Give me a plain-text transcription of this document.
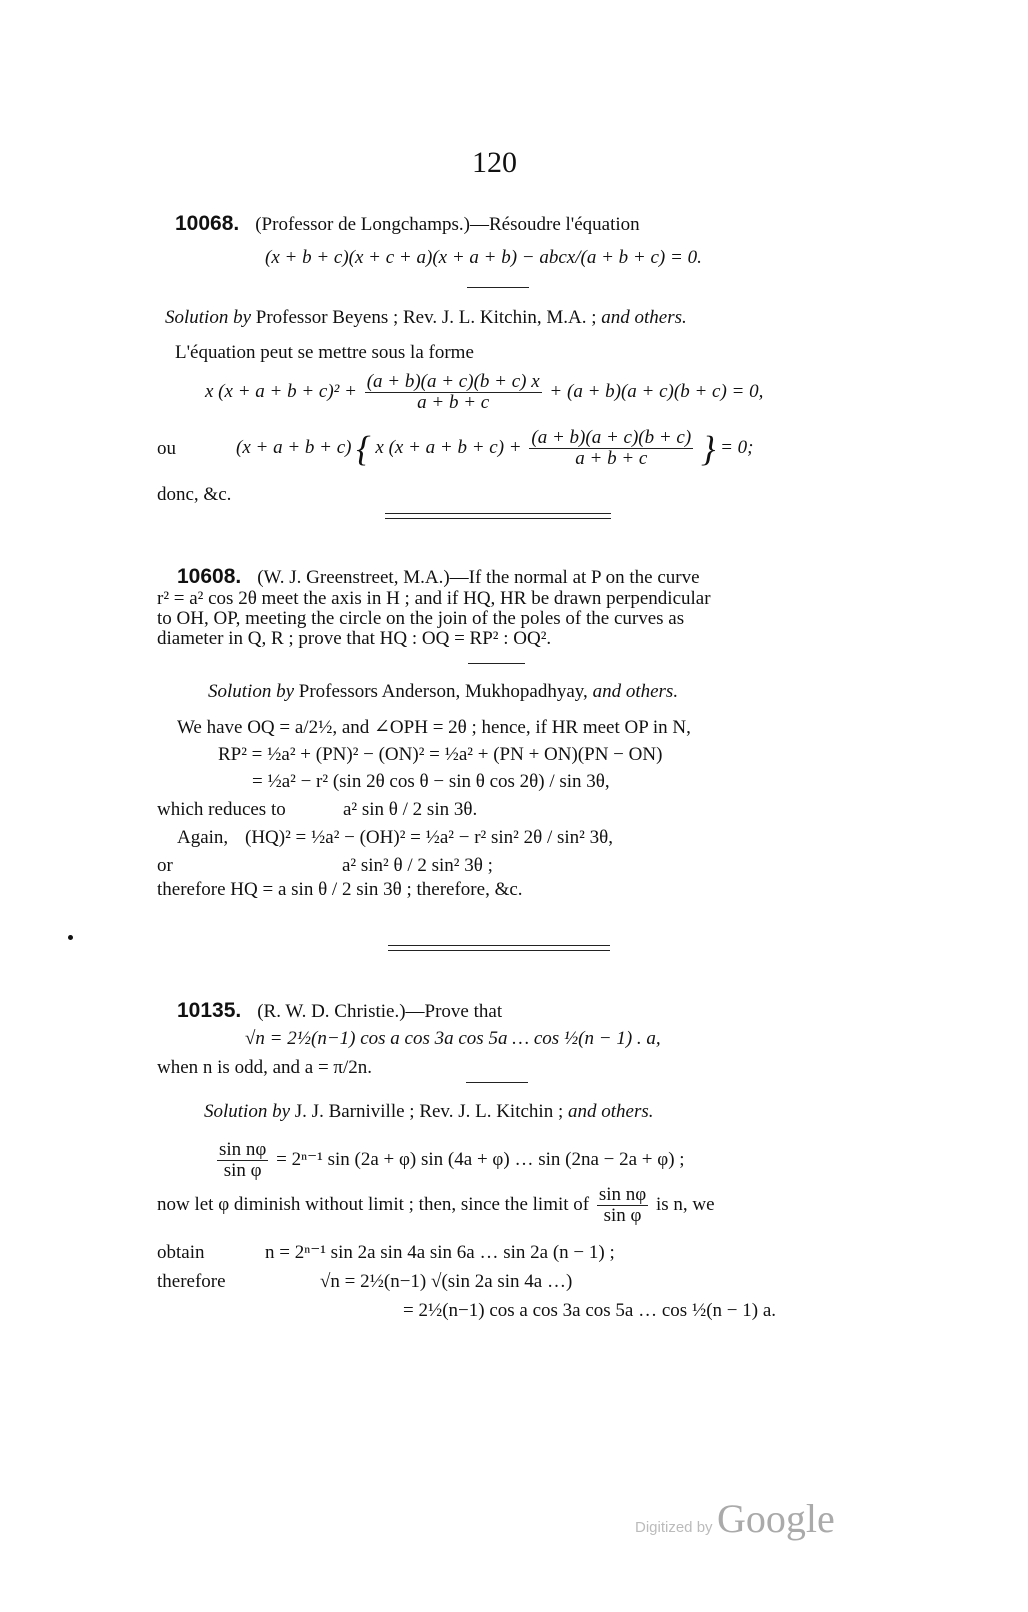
120
10068. (Professor de Longchamps.)—Résoudre l'équation
(x + b + c)(x + c + a)(x + a + b) − abcx/(a + b + c) = 0.
Solution by Professor Beyens ; Rev. J. L. Kitchin, M.A. ; and others.
L'équation peut se mettre sous la forme
x $(x + a + b + c)^2 + \frac{(a + b)(a + c)(b + c) x}{a + b + c} + (a + b)(a + c)(b + c) = 0$,
ou	(x + a + b + c) { x $(x + a + b + c) + \frac{(a + b)(a + c)(b + c)}{a + b + c}$ } = 0;
donc, &c.
10608. (W. J. Greenstreet, M.A.)—If the normal at P on the curve
r² = a² cos 2θ meet the axis in H ; and if HQ, HR be drawn perpendicular
to OH, OP, meeting the circle on the join of the poles of the curves as
diameter in Q, R ; prove that HQ : OQ = RP² : OQ².
Solution by Professors Anderson, Mukhopadhyay, and others.
We have OQ = a/2½, and ∠OPH = 2θ ; hence, if HR meet OP in N,
RP² = ½a² + (PN)² − (ON)² = ½a² + (PN + ON)(PN − ON)
= ½a² − r² (sin 2θ cos θ − sin θ cos 2θ) / sin 3θ,
which reduces to	a² sin θ / 2 sin 3θ.
Again, (HQ)² = ½a² − (OH)² = ½a² − r² sin² 2θ / sin² 3θ,
or	a² sin² θ / 2 sin² 3θ ;
therefore HQ = a sin θ / 2 sin 3θ ; therefore, &c.
10135. (R. W. D. Christie.)—Prove that
√n = 2½(n−1) cos a cos 3a cos 5a … cos ½(n − 1) . a,
when n is odd, and a = π/2n.
Solution by J. J. Barniville ; Rev. J. L. Kitchin ; and others.
$\frac{\text{sin nφ}}{\text{sin φ}} = 2^{n-1}$ sin (2a + φ) sin (4a + φ) … sin (2na − 2a + φ) ;
now let φ diminish without limit ; then, since the limit of $\frac{\text{sin nφ}}{\text{sin φ}}$ is n, we
obtain	n = 2ⁿ⁻¹ sin 2a sin 4a sin 6a … sin 2a (n − 1) ;
therefore	√n = 2½(n−1) √(sin 2a sin 4a …)
= 2½(n−1) cos a cos 3a cos 5a … cos ½(n − 1) a.
Digitized by Google
